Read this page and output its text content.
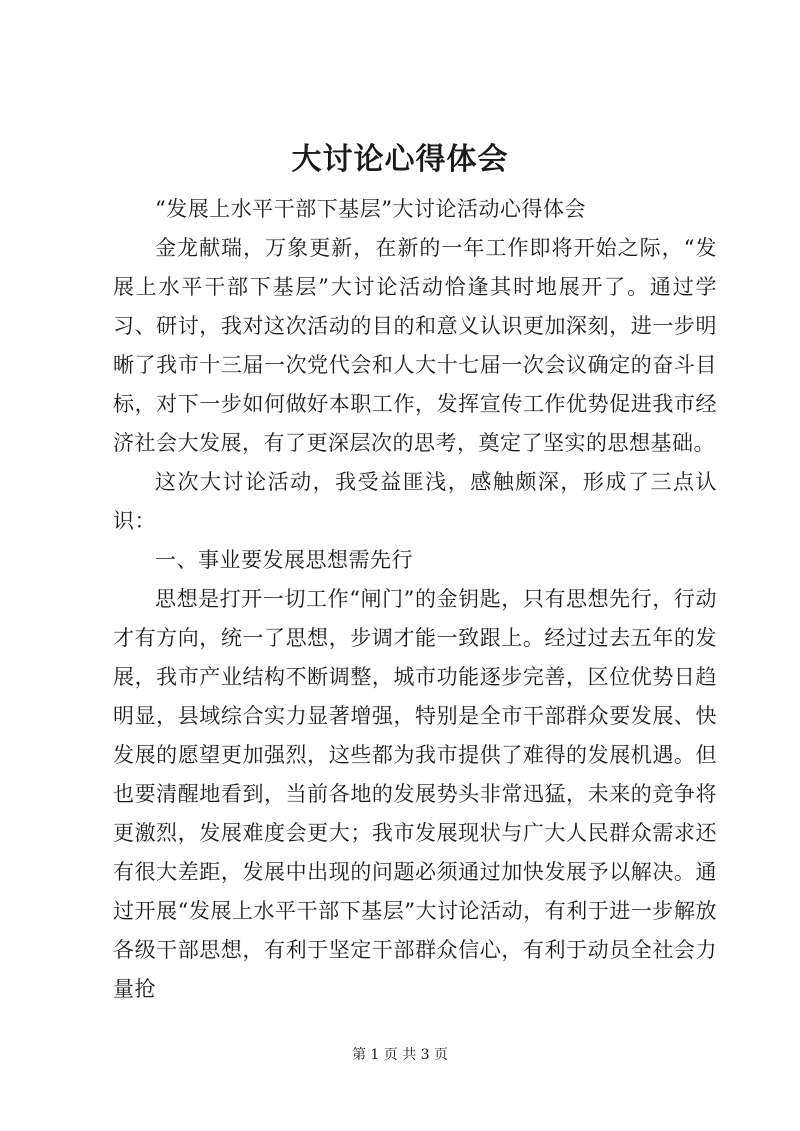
大讨论心得体会

“发展上水平干部下基层”大讨论活动心得体会

金龙献瑞，万象更新，在新的一年工作即将开始之际，“发展上水平干部下基层”大讨论活动恰逢其时地展开了。通过学习、研讨，我对这次活动的目的和意义认识更加深刻，进一步明晰了我市十三届一次党代会和人大十七届一次会议确定的奋斗目标，对下一步如何做好本职工作，发挥宣传工作优势促进我市经济社会大发展，有了更深层次的思考，奠定了坚实的思想基础。

这次大讨论活动，我受益匪浅，感触颇深，形成了三点认识：

一、事业要发展思想需先行

思想是打开一切工作“闸门”的金钥匙，只有思想先行，行动才有方向，统一了思想，步调才能一致跟上。经过过去五年的发展，我市产业结构不断调整，城市功能逐步完善，区位优势日趋明显，县域综合实力显著增强，特别是全市干部群众要发展、快发展的愿望更加强烈，这些都为我市提供了难得的发展机遇。但也要清醒地看到，当前各地的发展势头非常迅猛，未来的竞争将更激烈，发展难度会更大；我市发展现状与广大人民群众需求还有很大差距，发展中出现的问题必须通过加快发展予以解决。通过开展“发展上水平干部下基层”大讨论活动，有利于进一步解放各级干部思想，有利于坚定干部群众信心，有利于动员全社会力量抢

第 1 页 共 3 页
